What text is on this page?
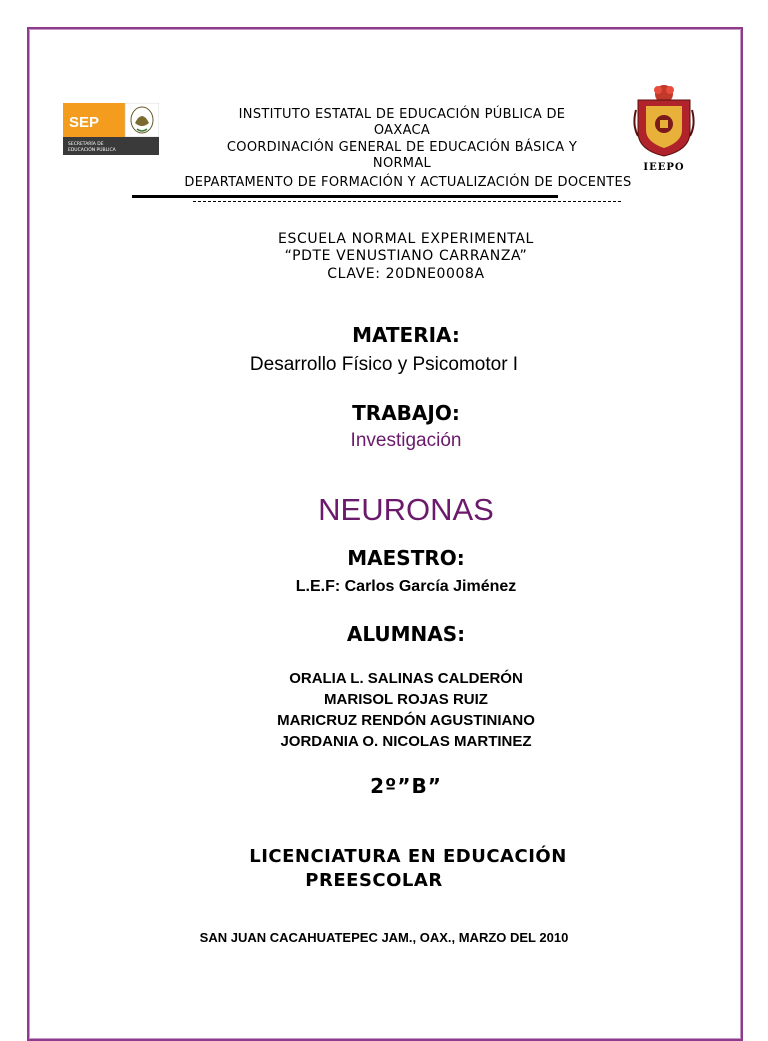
SEP
SECRETARÍA DE
EDUCACIÓN PÚBLICA
IEEPO
INSTITUTO ESTATAL DE EDUCACIÓN PÚBLICA DE
OAXACA
COORDINACIÓN GENERAL DE EDUCACIÓN BÁSICA Y
NORMAL
DEPARTAMENTO DE FORMACIÓN Y ACTUALIZACIÓN DE DOCENTES
ESCUELA NORMAL EXPERIMENTAL
“PDTE VENUSTIANO CARRANZA”
CLAVE: 20DNE0008A
MATERIA:
Desarrollo Físico y Psicomotor I
TRABAJO:
Investigación
NEURONAS
MAESTRO:
L.E.F: Carlos García Jiménez
ALUMNAS:
ORALIA L. SALINAS CALDERÓN
MARISOL ROJAS RUIZ
MARICRUZ RENDÓN AGUSTINIANO
JORDANIA O. NICOLAS MARTINEZ
2º”B”
LICENCIATURA EN EDUCACIÓN
PREESCOLAR
SAN JUAN CACAHUATEPEC JAM., OAX., MARZO DEL 2010
